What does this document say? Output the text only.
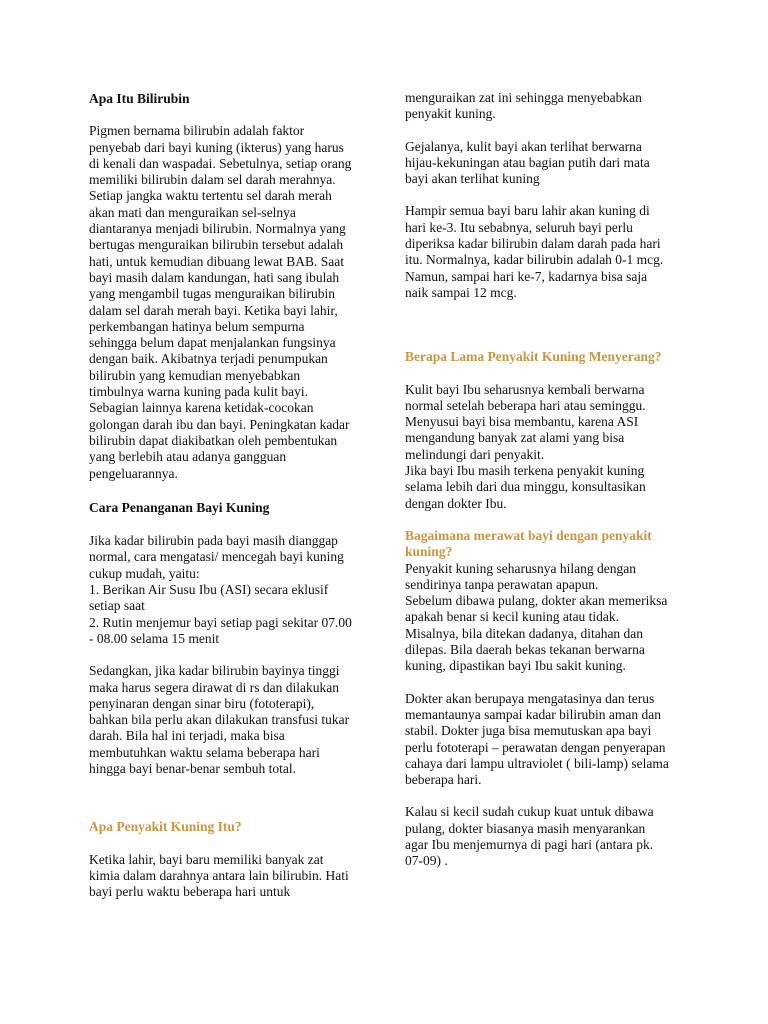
Apa Itu Bilirubin

Pigmen bernama bilirubin adalah faktor
penyebab dari bayi kuning (ikterus) yang harus
di kenali dan waspadai. Sebetulnya, setiap orang
memiliki bilirubin dalam sel darah merahnya.
Setiap jangka waktu tertentu sel darah merah
akan mati dan menguraikan sel-selnya
diantaranya menjadi bilirubin. Normalnya yang
bertugas menguraikan bilirubin tersebut adalah
hati, untuk kemudian dibuang lewat BAB. Saat
bayi masih dalam kandungan, hati sang ibulah
yang mengambil tugas menguraikan bilirubin
dalam sel darah merah bayi. Ketika bayi lahir,
perkembangan hatinya belum sempurna
sehingga belum dapat menjalankan fungsinya
dengan baik. Akibatnya terjadi penumpukan
bilirubin yang kemudian menyebabkan
timbulnya warna kuning pada kulit bayi.
Sebagian lainnya karena ketidak-cocokan
golongan darah ibu dan bayi. Peningkatan kadar
bilirubin dapat diakibatkan oleh pembentukan
yang berlebih atau adanya gangguan
pengeluarannya.

Cara Penanganan Bayi Kuning

Jika kadar bilirubin pada bayi masih dianggap
normal, cara mengatasi/ mencegah bayi kuning
cukup mudah, yaitu:
1. Berikan Air Susu Ibu (ASI) secara eklusif
setiap saat
2. Rutin menjemur bayi setiap pagi sekitar 07.00
- 08.00 selama 15 menit

Sedangkan, jika kadar bilirubin bayinya tinggi
maka harus segera dirawat di rs dan dilakukan
penyinaran dengan sinar biru (fototerapi),
bahkan bila perlu akan dilakukan transfusi tukar
darah. Bila hal ini terjadi, maka bisa
membutuhkan waktu selama beberapa hari
hingga bayi benar-benar sembuh total.

Apa Penyakit Kuning Itu?

Ketika lahir, bayi baru memiliki banyak zat
kimia dalam darahnya antara lain bilirubin. Hati
bayi perlu waktu beberapa hari untuk

menguraikan zat ini sehingga menyebabkan
penyakit kuning.

Gejalanya, kulit bayi akan terlihat berwarna
hijau-kekuningan atau bagian putih dari mata
bayi akan terlihat kuning

Hampir semua bayi baru lahir akan kuning di
hari ke-3. Itu sebabnya, seluruh bayi perlu
diperiksa kadar bilirubin dalam darah pada hari
itu. Normalnya, kadar bilirubin adalah 0-1 mcg.
Namun, sampai hari ke-7, kadarnya bisa saja
naik sampai 12 mcg.

Berapa Lama Penyakit Kuning Menyerang?

Kulit bayi Ibu seharusnya kembali berwarna
normal setelah beberapa hari atau seminggu.
Menyusui bayi bisa membantu, karena ASI
mengandung banyak zat alami yang bisa
melindungi dari penyakit.
Jika bayi Ibu masih terkena penyakit kuning
selama lebih dari dua minggu, konsultasikan
dengan dokter Ibu.

Bagaimana merawat bayi dengan penyakit
kuning?

Penyakit kuning seharusnya hilang dengan
sendirinya tanpa perawatan apapun.
Sebelum dibawa pulang, dokter akan memeriksa
apakah benar si kecil kuning atau tidak.
Misalnya, bila ditekan dadanya, ditahan dan
dilepas. Bila daerah bekas tekanan berwarna
kuning, dipastikan bayi Ibu sakit kuning.

Dokter akan berupaya mengatasinya dan terus
memantaunya sampai kadar bilirubin aman dan
stabil. Dokter juga bisa memutuskan apa bayi
perlu fototerapi – perawatan dengan penyerapan
cahaya dari lampu ultraviolet ( bili-lamp) selama
beberapa hari.

Kalau si kecil sudah cukup kuat untuk dibawa
pulang, dokter biasanya masih menyarankan
agar Ibu menjemurnya di pagi hari (antara pk.
07-09) .
